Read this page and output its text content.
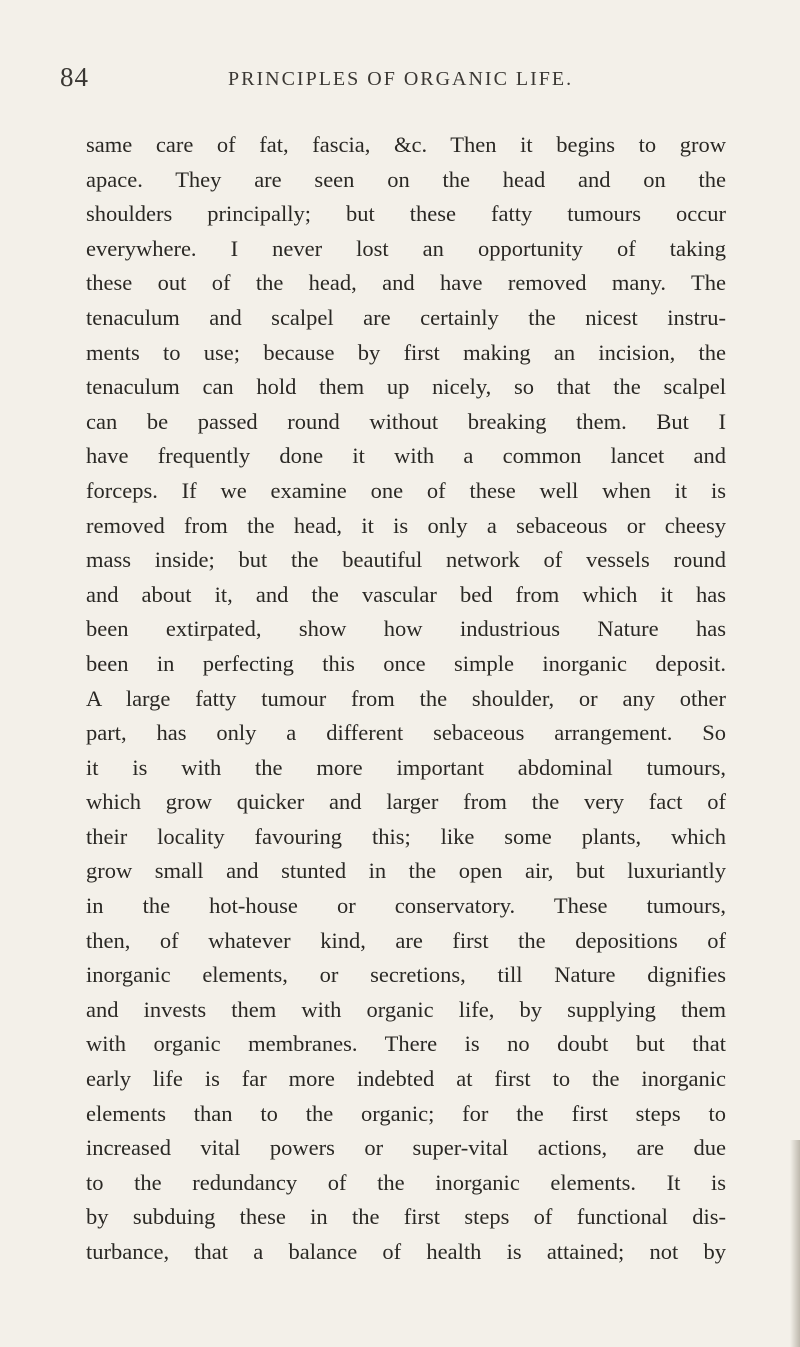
84	PRINCIPLES OF ORGANIC LIFE.
same care of fat, fascia, &c. Then it begins to grow
apace. They are seen on the head and on the
shoulders principally; but these fatty tumours occur
everywhere. I never lost an opportunity of taking
these out of the head, and have removed many. The
tenaculum and scalpel are certainly the nicest instru-
ments to use; because by first making an incision, the
tenaculum can hold them up nicely, so that the scalpel
can be passed round without breaking them. But I
have frequently done it with a common lancet and
forceps. If we examine one of these well when it is
removed from the head, it is only a sebaceous or cheesy
mass inside; but the beautiful network of vessels round
and about it, and the vascular bed from which it has
been extirpated, show how industrious Nature has
been in perfecting this once simple inorganic deposit.
A large fatty tumour from the shoulder, or any other
part, has only a different sebaceous arrangement. So
it is with the more important abdominal tumours,
which grow quicker and larger from the very fact of
their locality favouring this; like some plants, which
grow small and stunted in the open air, but luxuriantly
in the hot-house or conservatory. These tumours,
then, of whatever kind, are first the depositions of
inorganic elements, or secretions, till Nature dignifies
and invests them with organic life, by supplying them
with organic membranes. There is no doubt but that
early life is far more indebted at first to the inorganic
elements than to the organic; for the first steps to
increased vital powers or super-vital actions, are due
to the redundancy of the inorganic elements. It is
by subduing these in the first steps of functional dis-
turbance, that a balance of health is attained; not by
